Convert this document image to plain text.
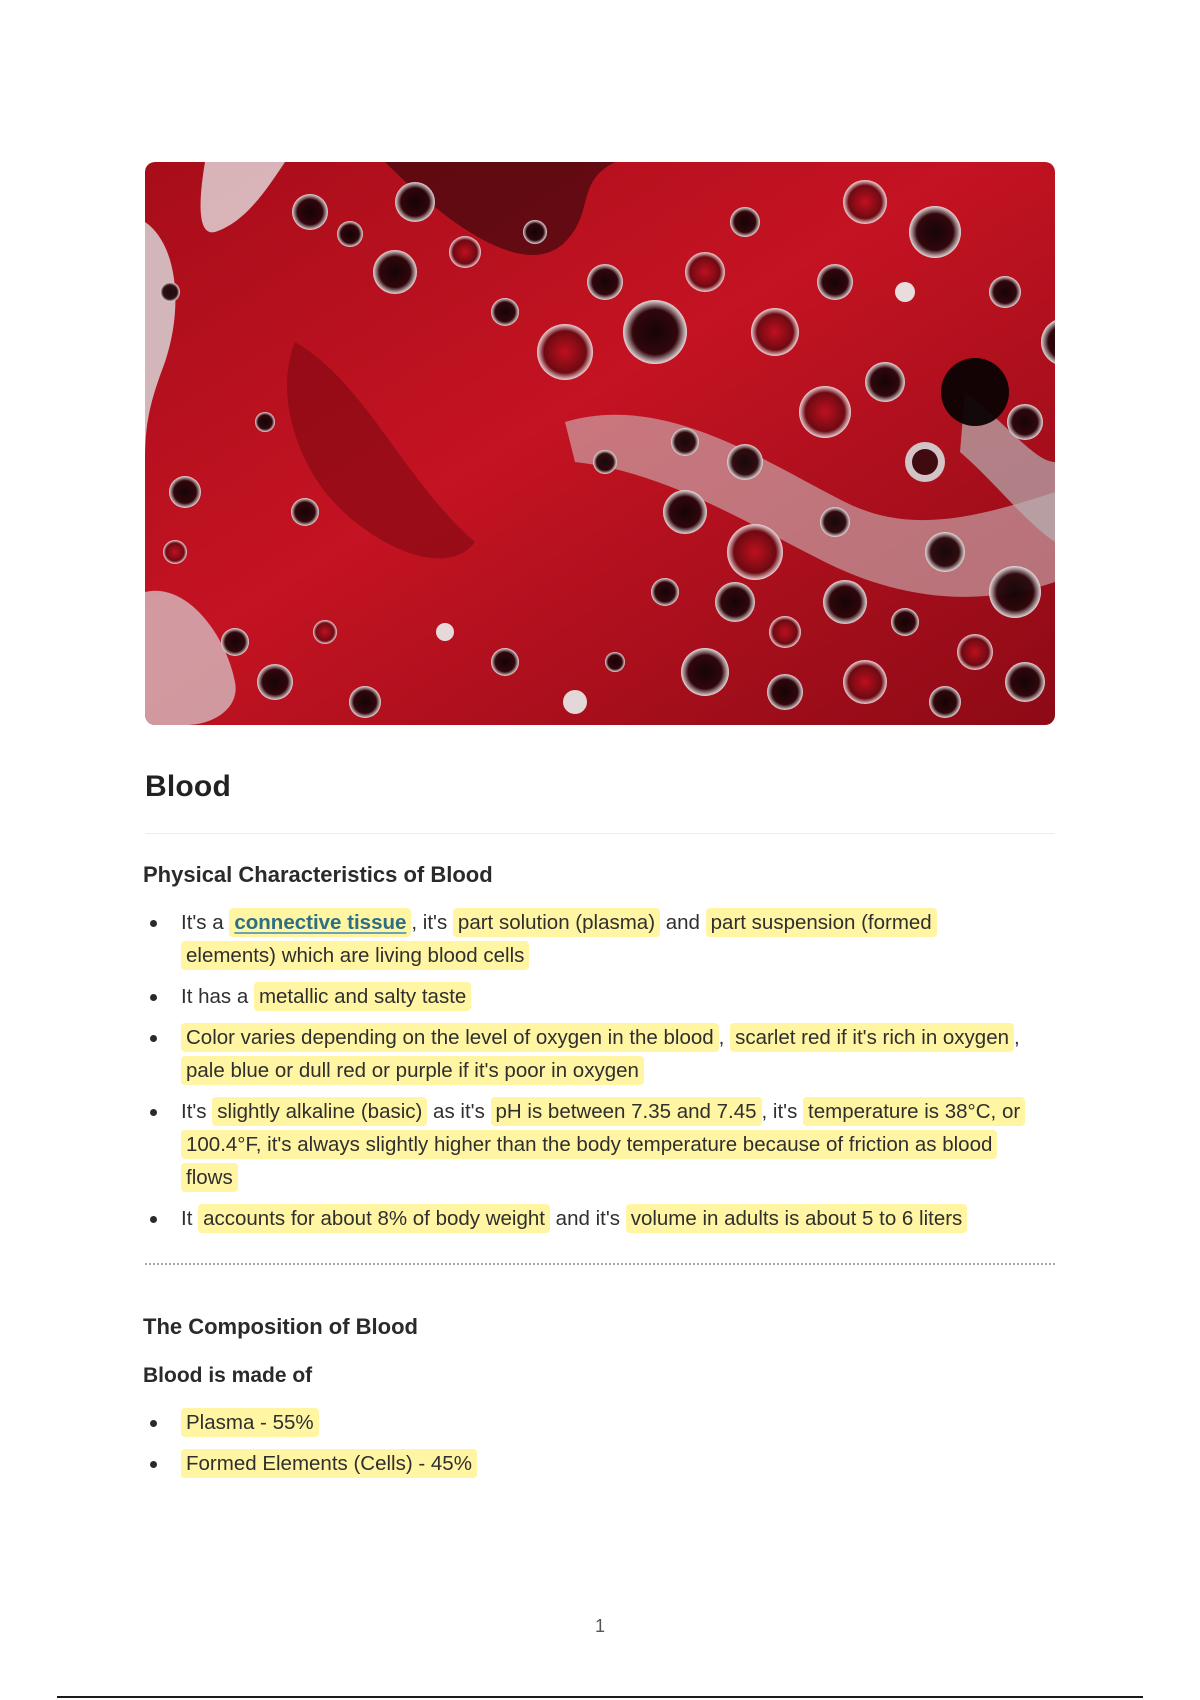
Blood
Physical Characteristics of Blood
It's a connective tissue , it's part solution (plasma) and part suspension (formed elements) which are living blood cells
It has a metallic and salty taste
Color varies depending on the level of oxygen in the blood , scarlet red if it's rich in oxygen , pale blue or dull red or purple if it's poor in oxygen
It's slightly alkaline (basic) as it's pH is between 7.35 and 7.45 , it's temperature is 38°C, or 100.4°F, it's always slightly higher than the body temperature because of friction as blood flows
It accounts for about 8% of body weight and it's volume in adults is about 5 to 6 liters
The Composition of Blood
Blood is made of
Plasma - 55%
Formed Elements (Cells) - 45%
1
